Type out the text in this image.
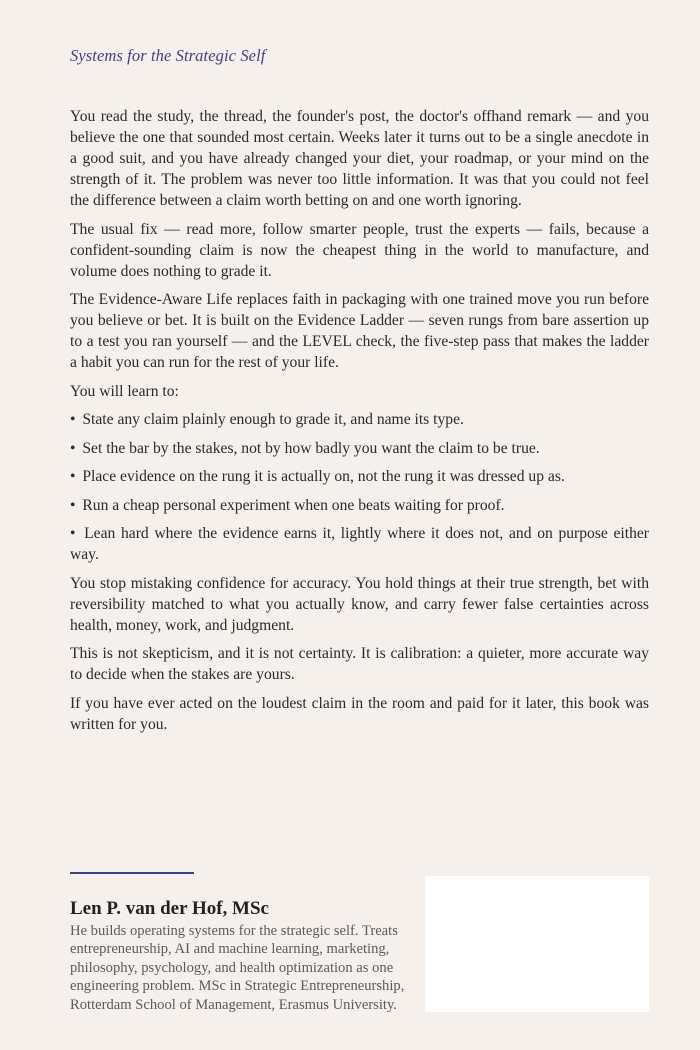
Systems for the Strategic Self

You read the study, the thread, the founder's post, the doctor's offhand remark — and you believe the one that sounded most certain. Weeks later it turns out to be a single anecdote in a good suit, and you have already changed your diet, your roadmap, or your mind on the strength of it. The problem was never too little information. It was that you could not feel the difference between a claim worth betting on and one worth ignoring.

The usual fix — read more, follow smarter people, trust the experts — fails, because a confident-sounding claim is now the cheapest thing in the world to manufacture, and volume does nothing to grade it.

The Evidence-Aware Life replaces faith in packaging with one trained move you run before you believe or bet. It is built on the Evidence Ladder — seven rungs from bare assertion up to a test you ran yourself — and the LEVEL check, the five-step pass that makes the ladder a habit you can run for the rest of your life.

You will learn to:

• State any claim plainly enough to grade it, and name its type.
• Set the bar by the stakes, not by how badly you want the claim to be true.
• Place evidence on the rung it is actually on, not the rung it was dressed up as.
• Run a cheap personal experiment when one beats waiting for proof.
• Lean hard where the evidence earns it, lightly where it does not, and on purpose either way.

You stop mistaking confidence for accuracy. You hold things at their true strength, bet with reversibility matched to what you actually know, and carry fewer false certainties across health, money, work, and judgment.

This is not skepticism, and it is not certainty. It is calibration: a quieter, more accurate way to decide when the stakes are yours.

If you have ever acted on the loudest claim in the room and paid for it later, this book was written for you.

Len P. van der Hof, MSc
He builds operating systems for the strategic self. Treats entrepreneurship, AI and machine learning, marketing, philosophy, psychology, and health optimization as one engineering problem. MSc in Strategic Entrepreneurship, Rotterdam School of Management, Erasmus University.
